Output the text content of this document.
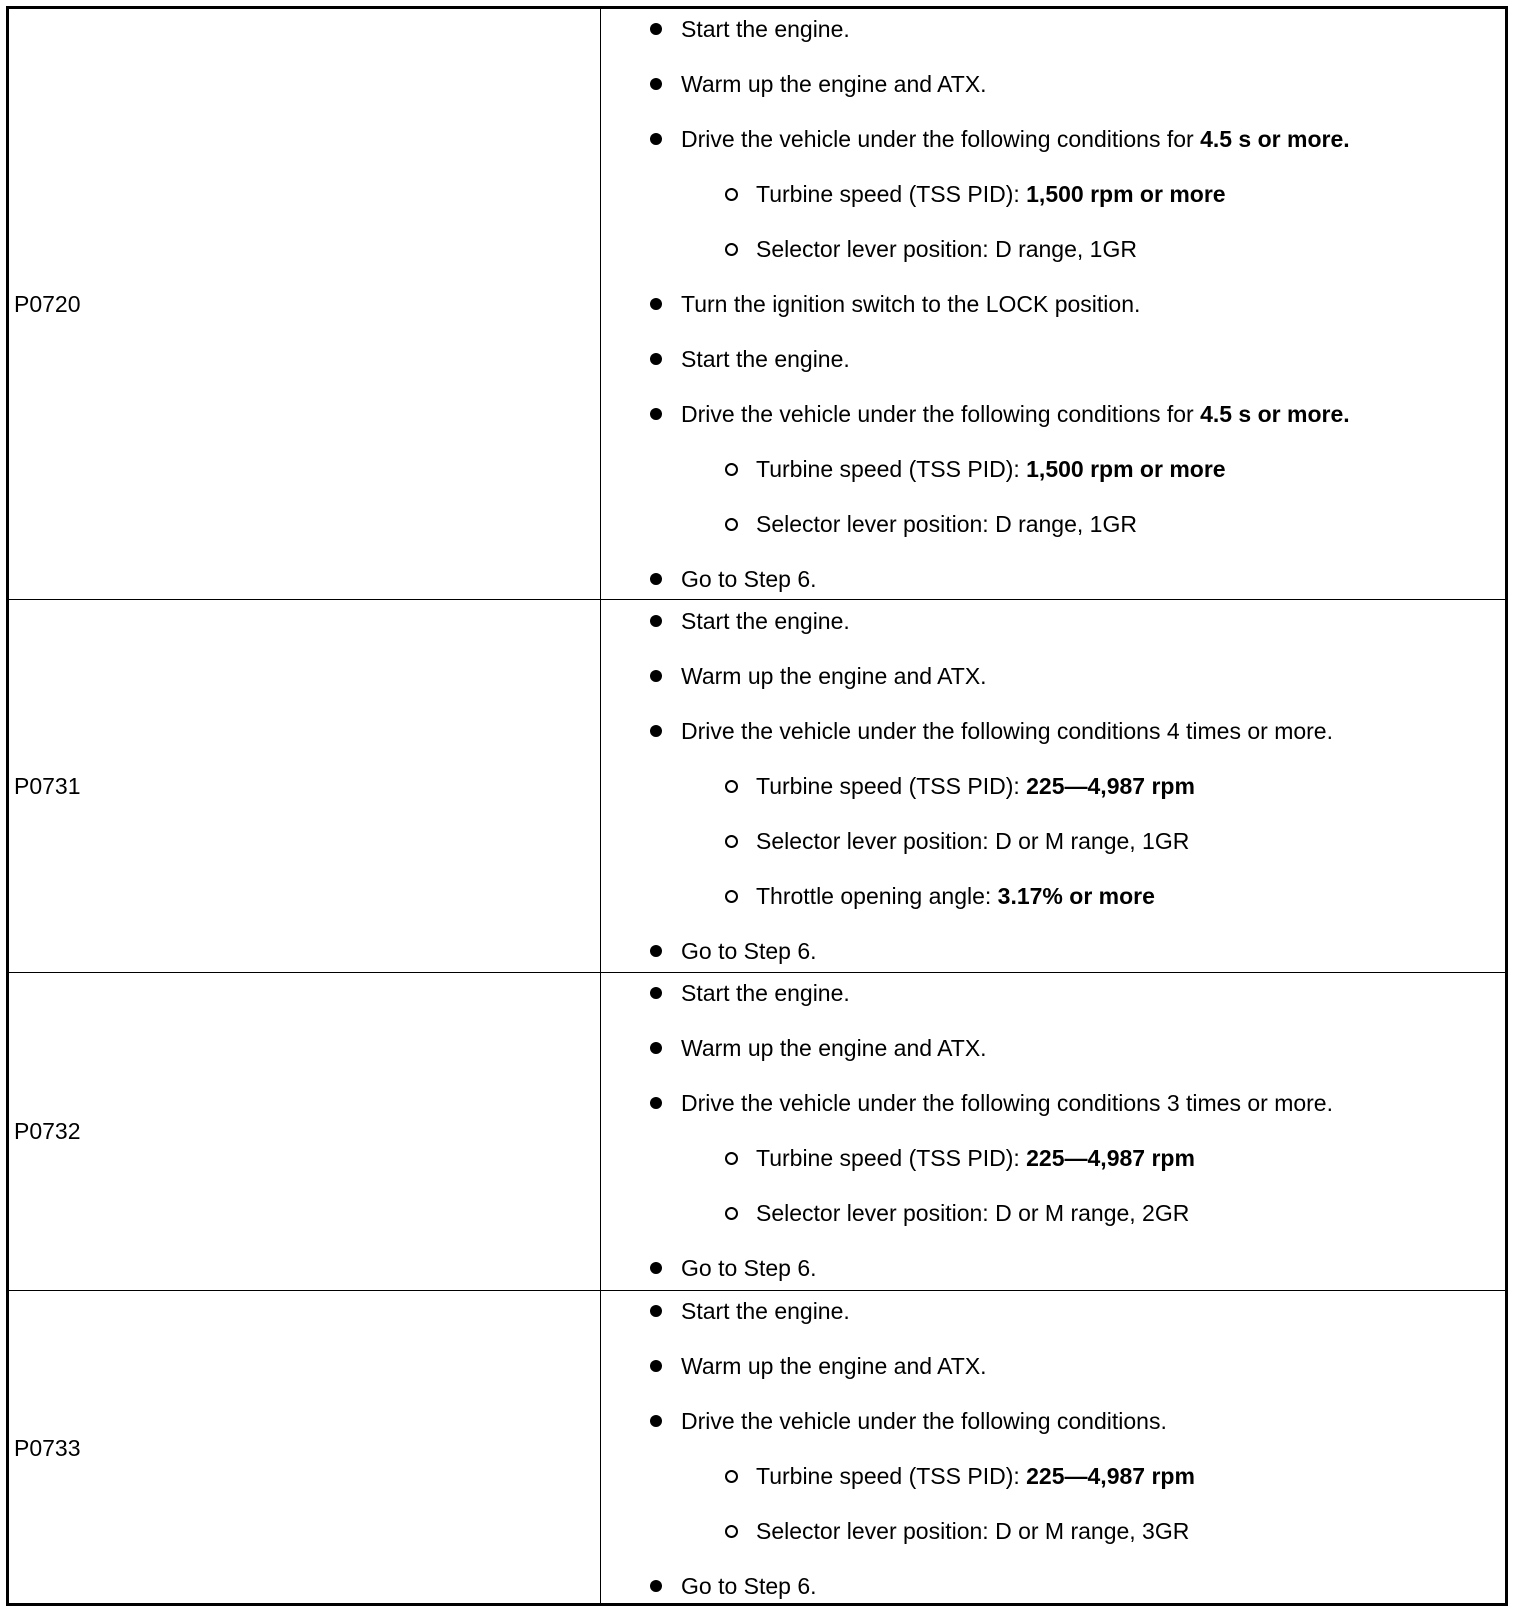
P0720
Start the engine.
Warm up the engine and ATX.
Drive the vehicle under the following conditions for 4.5 s or more.
Turbine speed (TSS PID): 1,500 rpm or more
Selector lever position: D range, 1GR
Turn the ignition switch to the LOCK position.
Start the engine.
Drive the vehicle under the following conditions for 4.5 s or more.
Turbine speed (TSS PID): 1,500 rpm or more
Selector lever position: D range, 1GR
Go to Step 6.
P0731
Start the engine.
Warm up the engine and ATX.
Drive the vehicle under the following conditions 4 times or more.
Turbine speed (TSS PID): 225—4,987 rpm
Selector lever position: D or M range, 1GR
Throttle opening angle: 3.17% or more
Go to Step 6.
P0732
Start the engine.
Warm up the engine and ATX.
Drive the vehicle under the following conditions 3 times or more.
Turbine speed (TSS PID): 225—4,987 rpm
Selector lever position: D or M range, 2GR
Go to Step 6.
P0733
Start the engine.
Warm up the engine and ATX.
Drive the vehicle under the following conditions.
Turbine speed (TSS PID): 225—4,987 rpm
Selector lever position: D or M range, 3GR
Go to Step 6.
